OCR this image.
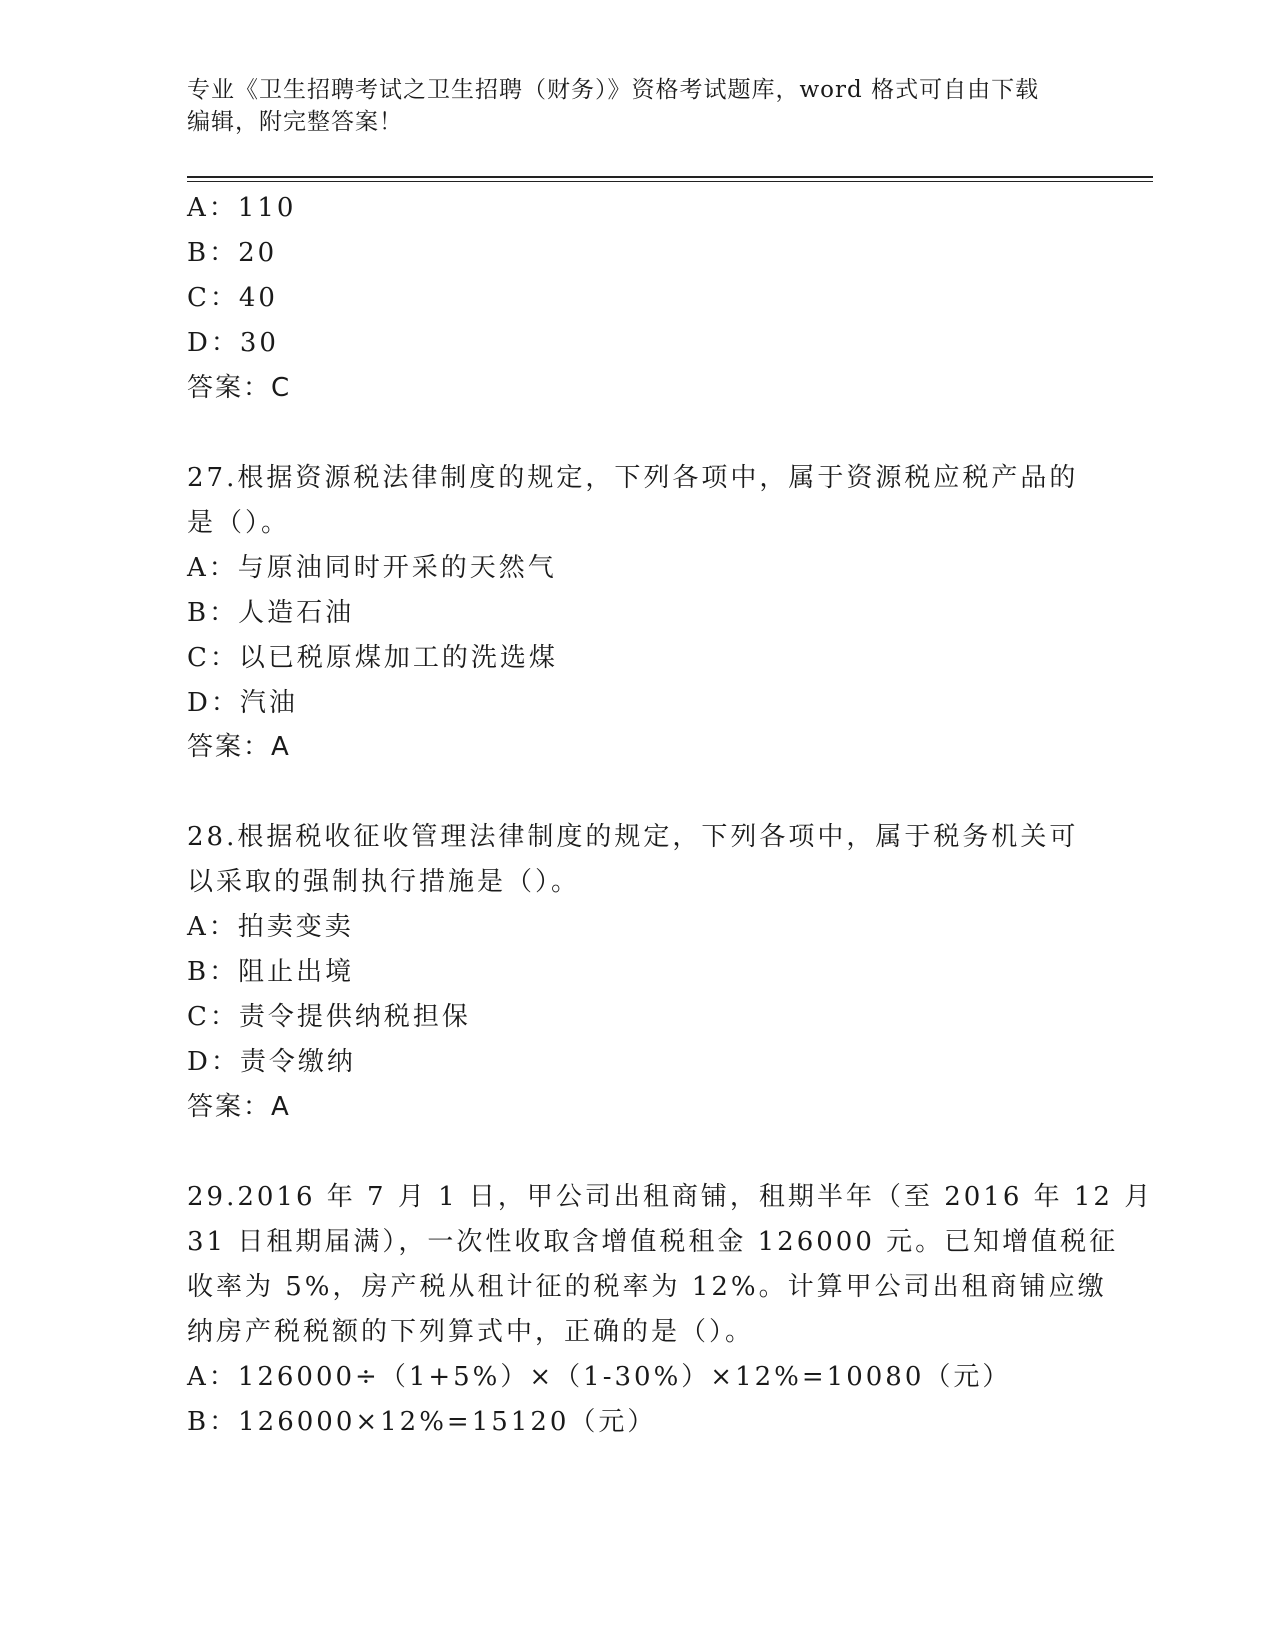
专业《卫生招聘考试之卫生招聘（财务）》资格考试题库，word 格式可自由下载
编辑，附完整答案！
A：110
B：20
C：40
D：30
答案：C
27.根据资源税法律制度的规定，下列各项中，属于资源税应税产品的
是（）。
A：与原油同时开采的天然气
B：人造石油
C：以已税原煤加工的洗选煤
D：汽油
答案：A
28.根据税收征收管理法律制度的规定，下列各项中，属于税务机关可
以采取的强制执行措施是（）。
A：拍卖变卖
B：阻止出境
C：责令提供纳税担保
D：责令缴纳
答案：A
29.2016 年 7 月 1 日，甲公司出租商铺，租期半年（至 2016 年 12 月
31 日租期届满），一次性收取含增值税租金 126000 元。已知增值税征
收率为 5%，房产税从租计征的税率为 12%。计算甲公司出租商铺应缴
纳房产税税额的下列算式中，正确的是（）。
A：126000÷（1+5%）×（1-30%）×12%=10080（元）
B：126000×12%=15120（元）
